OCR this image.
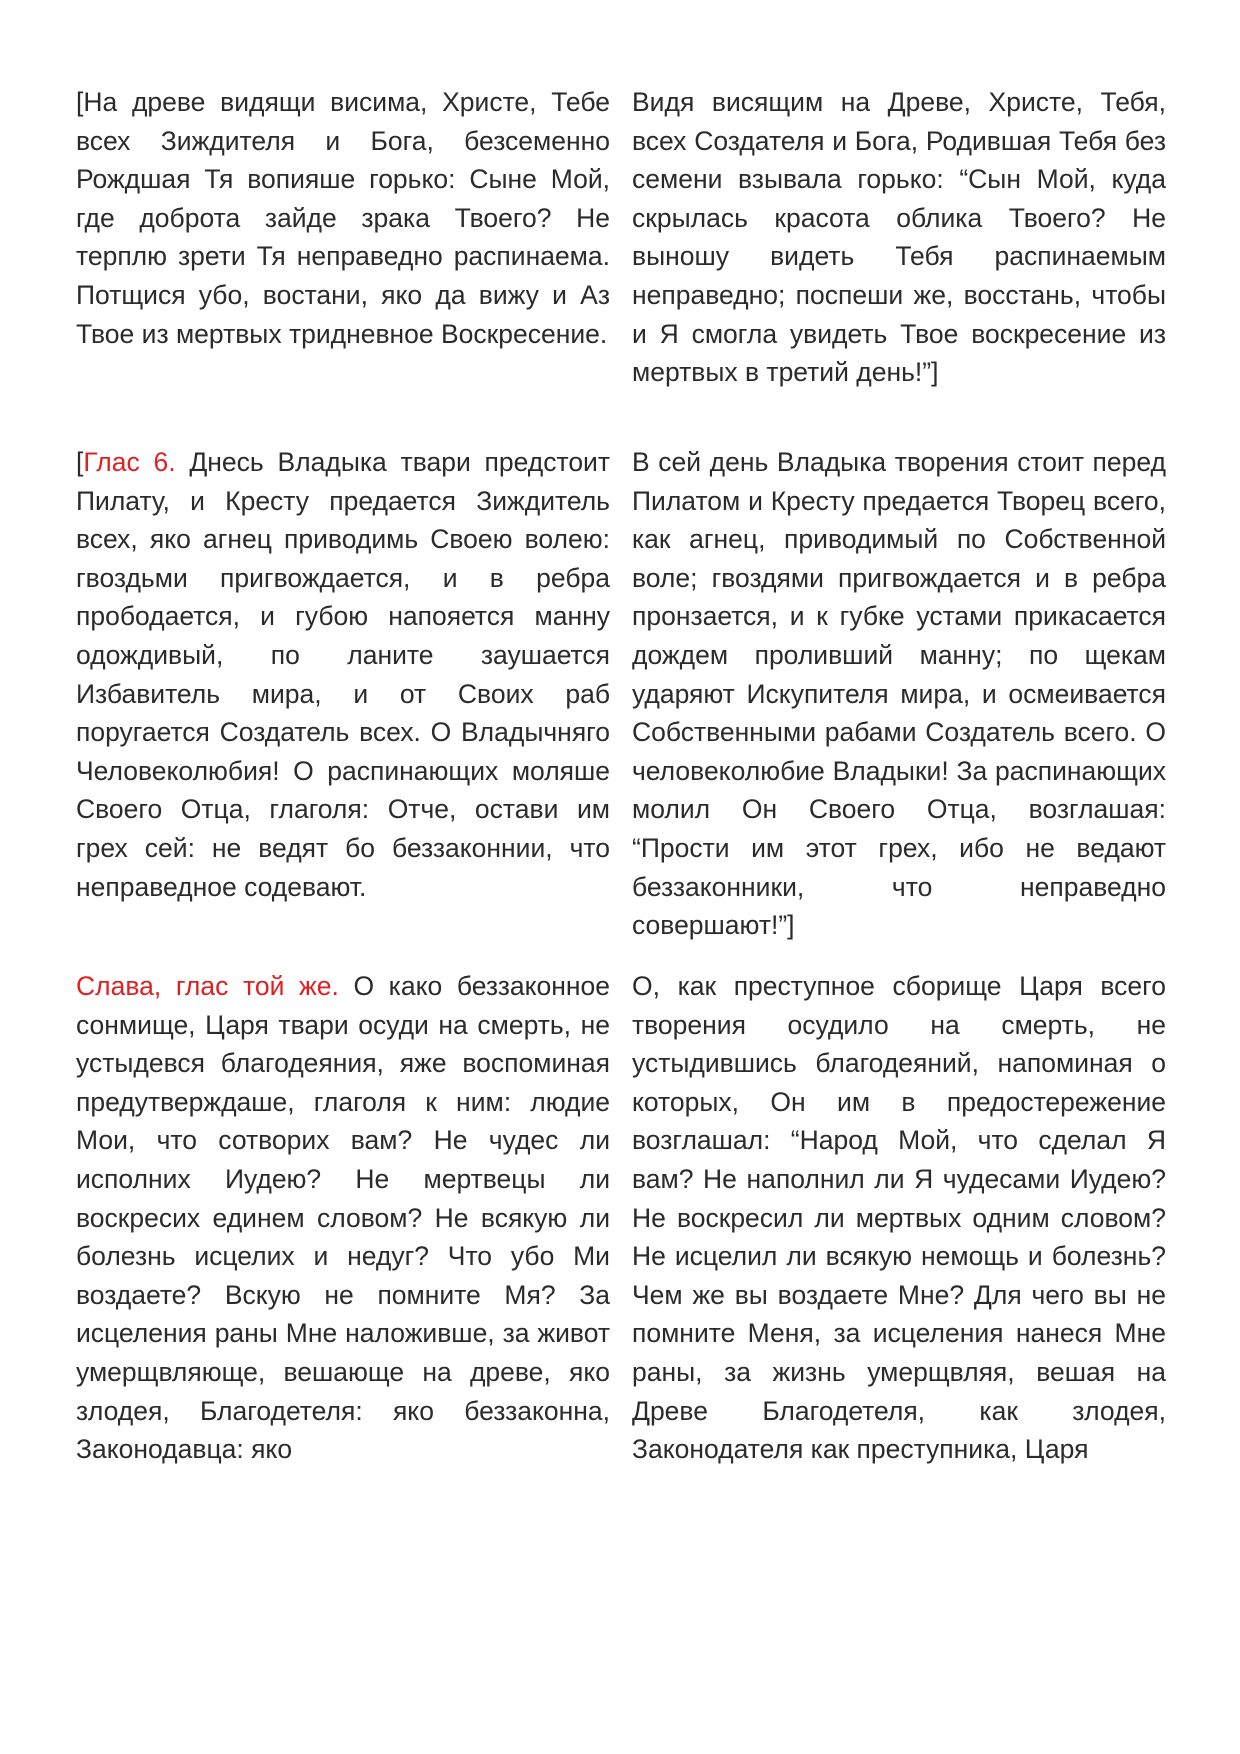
[На древе видящи висима, Христе, Тебе всех Зиждителя и Бога, безсеменно Рождшая Тя вопияше горько: Сыне Мой, где доброта зайде зрака Твоего? Не терплю зрети Тя неправедно распинаема. Потщися убо, востани, яко да вижу и Аз Твое из мертвых тридневное Воскресение.

Видя висящим на Древе, Христе, Тебя, всех Создателя и Бога, Родившая Тебя без семени взывала горько: “Сын Мой, куда скрылась красота облика Твоего? Не выношу видеть Тебя распинаемым неправедно; поспеши же, восстань, чтобы и Я смогла увидеть Твое воскресение из мертвых в третий день!”]

[Глас 6. Днесь Владыка твари предстоит Пилату, и Кресту предается Зиждитель всех, яко агнец приводимь Своею волею: гвоздьми пригвождается, и в ребра прободается, и губою напояется манну одождивый, по ланите заушается Избавитель мира, и от Своих раб поругается Создатель всех. О Владычняго Человеколюбия! О распинающих моляше Своего Отца, глаголя: Отче, остави им грех сей: не ведят бо беззаконнии, что неправедное содевают.

В сей день Владыка творения стоит перед Пилатом и Кресту предается Творец всего, как агнец, приводимый по Собственной воле; гвоздями пригвождается и в ребра пронзается, и к губке устами прикасается дождем проливший манну; по щекам ударяют Искупителя мира, и осмеивается Собственными рабами Создатель всего. О человеколюбие Владыки! За распинающих молил Он Своего Отца, возглашая: “Прости им этот грех, ибо не ведают беззаконники, что неправедно совершают!”]

Слава, глас той же. О како беззаконное сонмище, Царя твари осуди на смерть, не устыдевся благодеяния, яже воспоминая предутверждаше, глаголя к ним: людие Мои, что сотворих вам? Не чудес ли исполних Иудею? Не мертвецы ли воскресих единем словом? Не всякую ли болезнь исцелих и недуг? Что убо Ми воздаете? Вскую не помните Мя? За исцеления раны Мне наложивше, за живот умерщвляюще, вешающе на древе, яко злодея, Благодетеля: яко беззаконна, Законодавца: яко

О, как преступное сборище Царя всего творения осудило на смерть, не устыдившись благодеяний, напоминая о которых, Он им в предостережение возглашал: “Народ Мой, что сделал Я вам? Не наполнил ли Я чудесами Иудею? Не воскресил ли мертвых одним словом? Не исцелил ли всякую немощь и болезнь? Чем же вы воздаете Мне? Для чего вы не помните Меня, за исцеления нанеся Мне раны, за жизнь умерщвляя, вешая на Древе Благодетеля, как злодея, Законодателя как преступника, Царя
